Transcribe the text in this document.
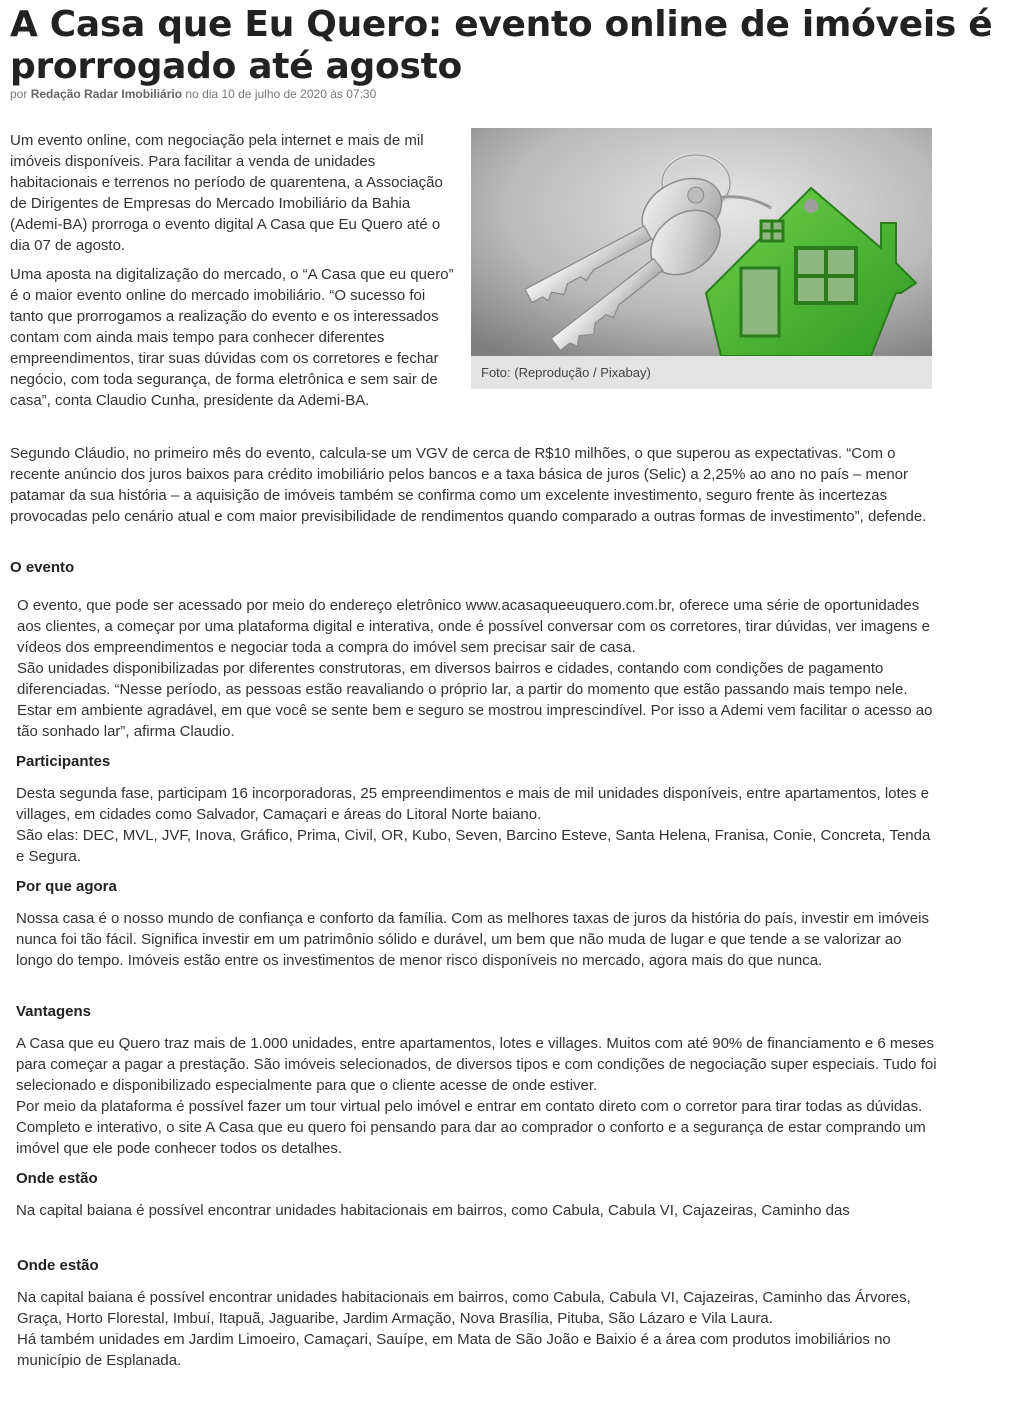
A Casa que Eu Quero: evento online de imóveis é prorrogado até agosto
por Redação Radar Imobiliário no dia 10 de julho de 2020 às 07:30
Foto: (Reprodução / Pixabay)

Um evento online, com negociação pela internet e mais de mil imóveis disponíveis. Para facilitar a venda de unidades habitacionais e terrenos no período de quarentena, a Associação de Dirigentes de Empresas do Mercado Imobiliário da Bahia (Ademi-BA) prorroga o evento digital A Casa que Eu Quero até o dia 07 de agosto.

Uma aposta na digitalização do mercado, o “A Casa que eu quero” é o maior evento online do mercado imobiliário. “O sucesso foi tanto que prorrogamos a realização do evento e os interessados contam com ainda mais tempo para conhecer diferentes empreendimentos, tirar suas dúvidas com os corretores e fechar negócio, com toda segurança, de forma eletrônica e sem sair de casa”, conta Claudio Cunha, presidente da Ademi-BA.

Segundo Cláudio, no primeiro mês do evento, calcula-se um VGV de cerca de R$10 milhões, o que superou as expectativas. “Com o recente anúncio dos juros baixos para crédito imobiliário pelos bancos e a taxa básica de juros (Selic) a 2,25% ao ano no país – menor patamar da sua história – a aquisição de imóveis também se confirma como um excelente investimento, seguro frente às incertezas provocadas pelo cenário atual e com maior previsibilidade de rendimentos quando comparado a outras formas de investimento”, defende.

O evento

O evento, que pode ser acessado por meio do endereço eletrônico www.acasaqueeuquero.com.br, oferece uma série de oportunidades aos clientes, a começar por uma plataforma digital e interativa, onde é possível conversar com os corretores, tirar dúvidas, ver imagens e vídeos dos empreendimentos e negociar toda a compra do imóvel sem precisar sair de casa.

São unidades disponibilizadas por diferentes construtoras, em diversos bairros e cidades, contando com condições de pagamento diferenciadas. “Nesse período, as pessoas estão reavaliando o próprio lar, a partir do momento que estão passando mais tempo nele. Estar em ambiente agradável, em que você se sente bem e seguro se mostrou imprescindível. Por isso a Ademi vem facilitar o acesso ao tão sonhado lar”, afirma Claudio.

Participantes

Desta segunda fase, participam 16 incorporadoras, 25 empreendimentos e mais de mil unidades disponíveis, entre apartamentos, lotes e villages, em cidades como Salvador, Camaçari e áreas do Litoral Norte baiano.

São elas: DEC, MVL, JVF, Inova, Gráfico, Prima, Civil, OR, Kubo, Seven, Barcino Esteve, Santa Helena, Franisa, Conie, Concreta, Tenda e Segura.

Por que agora

Nossa casa é o nosso mundo de confiança e conforto da família. Com as melhores taxas de juros da história do país, investir em imóveis nunca foi tão fácil. Significa investir em um patrimônio sólido e durável, um bem que não muda de lugar e que tende a se valorizar ao longo do tempo. Imóveis estão entre os investimentos de menor risco disponíveis no mercado, agora mais do que nunca.

Vantagens

A Casa que eu Quero traz mais de 1.000 unidades, entre apartamentos, lotes e villages. Muitos com até 90% de financiamento e 6 meses para começar a pagar a prestação. São imóveis selecionados, de diversos tipos e com condições de negociação super especiais. Tudo foi selecionado e disponibilizado especialmente para que o cliente acesse de onde estiver.

Por meio da plataforma é possível fazer um tour virtual pelo imóvel e entrar em contato direto com o corretor para tirar todas as dúvidas. Completo e interativo, o site A Casa que eu quero foi pensando para dar ao comprador o conforto e a segurança de estar comprando um imóvel que ele pode conhecer todos os detalhes.

Onde estão

Na capital baiana é possível encontrar unidades habitacionais em bairros, como Cabula, Cabula VI, Cajazeiras, Caminho das

Onde estão

Na capital baiana é possível encontrar unidades habitacionais em bairros, como Cabula, Cabula VI, Cajazeiras, Caminho das Árvores, Graça, Horto Florestal, Imbuí, Itapuã, Jaguaribe, Jardim Armação, Nova Brasília, Pituba, São Lázaro e Vila Laura.

Há também unidades em Jardim Limoeiro, Camaçari, Sauípe, em Mata de São João e Baixio é a área com produtos imobiliários no município de Esplanada.
